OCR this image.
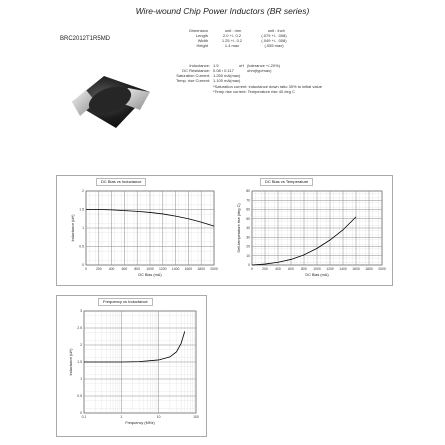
Wire-wound Chip Power Inductors (BR series)
BRC2012T1R5MD
Dimension	unit : mm	unit : inch
Length	2.0 +/- 0.2	(.079 +/- .008)
Width	1.25 +/- 0.2	(.049 +/- .008)
Height	1.4 max	(.055 max)
Inductance: 1.5	uH (tolerance +/-20%)
DC Resistance: 0.08 / 0.117	ohm(typ/max)
Saturation Current: 1.250 mA(max)
Temp. rise Current: 1.100 mA(max)
*Saturation current: inductance down ratio 30% to initial value
*Temp rise current: Temperature rise 40 deg C
DC Bias vs Inductance	DC Bias vs Temperature
Frequency vs Inductance
0	200 400 600 800 1000 1200 1400 1600 1800 2000
0
0.5
1
1.5
2
DC Bias (mA)
Inductance (uH)
0	200 400 600 800 1000 1200 1400 1600 1800 2000
0
10
20
30
40
50
60
70
80
DC Bias (mA)
Self-temperature rise (deg C)
0.1	1	10	100
0
0.5
1
1.5
2
2.5
3
Frequency (MHz)
Inductance (uH)
